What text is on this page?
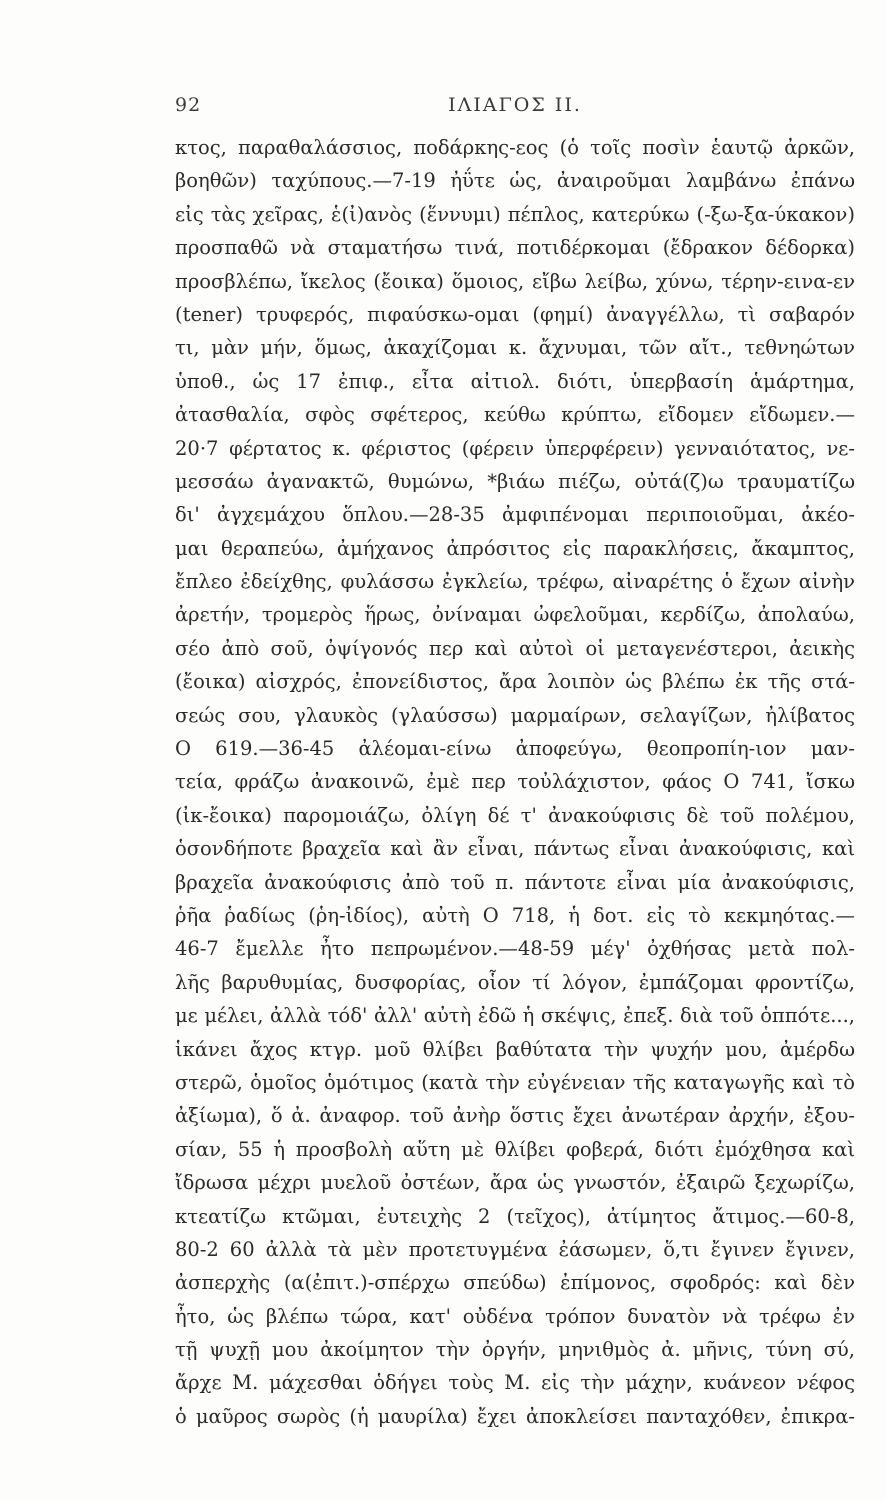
92	ΙΛΙΑΓΟΣ II.
κτος, παραθαλάσσιος, ποδάρκης-εος (ὁ τοῖς ποσὶν ἑαυτῷ ἀρκῶν,
βοηθῶν) ταχύπους.—7-19 ἠΰτε ὡς, ἀναιροῦμαι λαμβάνω ἐπάνω
εἰς τὰς χεῖρας, ἑ(ἰ)ανὸς (ἕννυμι) πέπλος, κατερύκω (-ξω-ξα-ύκακον)
προσπαθῶ νὰ σταματήσω τινά, ποτιδέρκομαι (ἔδρακον δέδορκα)
προσβλέπω, ἴκελος (ἔοικα) ὅμοιος, εἴβω λείβω, χύνω, τέρην-εινα-εν
(tener) τρυφερός, πιφαύσκω-ομαι (φημί) ἀναγγέλλω, τὶ σαβαρόν
τι, μὰν μήν, ὅμως, ἀκαχίζομαι κ. ἄχνυμαι, τῶν αἴτ., τεθνηώτων
ὑποθ., ὡς 17 ἐπιφ., εἶτα αἰτιολ. διότι, ὑπερβασίη ἁμάρτημα,
ἀτασθαλία, σφὸς σφέτερος, κεύθω κρύπτω, εἴδομεν εἴδωμεν.—
20·7 φέρτατος κ. φέριστος (φέρειν ὑπερφέρειν) γενναιότατος, νε-
μεσσάω ἀγανακτῶ, θυμώνω, *βιάω πιέζω, οὐτά(ζ)ω τραυματίζω
δι' ἀγχεμάχου ὅπλου.—28-35 ἀμφιπένομαι περιποιοῦμαι, ἀκέο-
μαι θεραπεύω, ἀμήχανος ἀπρόσιτος εἰς παρακλήσεις, ἄκαμπτος,
ἔπλεο ἐδείχθης, φυλάσσω ἐγκλείω, τρέφω, αἰναρέτης ὁ ἔχων αἰνὴν
ἀρετήν, τρομερὸς ἥρως, ὀνίναμαι ὠφελοῦμαι, κερδίζω, ἀπολαύω,
σέο ἀπὸ σοῦ, ὀψίγονός περ καὶ αὐτοὶ οἱ μεταγενέστεροι, ἀεικὴς
(ἔοικα) αἰσχρός, ἐπονείδιστος, ἄρα λοιπὸν ὡς βλέπω ἐκ τῆς στά-
σεώς σου, γλαυκὸς (γλαύσσω) μαρμαίρων, σελαγίζων, ἠλίβατος
O 619.—36-45 ἀλέομαι-είνω ἀποφεύγω, θεοπροπίη-ιον μαν-
τεία, φράζω ἀνακοινῶ, ἐμὲ περ τοὐλάχιστον, φάος O 741, ἴσκω
(ἰκ-ἔοικα) παρομοιάζω, ὀλίγη δέ τ' ἀνακούφισις δὲ τοῦ πολέμου,
ὁσονδήποτε βραχεῖα καὶ ἂν εἶναι, πάντως εἶναι ἀνακούφισις, καὶ
βραχεῖα ἀνακούφισις ἀπὸ τοῦ π. πάντοτε εἶναι μία ἀνακούφισις,
ῥῆα ῥαδίως (ῥη-ἰδίος), αὐτὴ O 718, ἡ δοτ. εἰς τὸ κεκμηότας.—
46-7 ἔμελλε ἦτο πεπρωμένον.—48-59 μέγ' ὀχθήσας μετὰ πολ-
λῆς βαρυθυμίας, δυσφορίας, οἷον τί λόγον, ἐμπάζομαι φροντίζω,
με μέλει, ἀλλὰ τόδ' ἀλλ' αὐτὴ ἐδῶ ἡ σκέψις, ἐπεξ. διὰ τοῦ ὁππότε...,
ἱκάνει ἄχος κτγρ. μοῦ θλίβει βαθύτατα τὴν ψυχήν μου, ἀμέρδω
στερῶ, ὁμοῖος ὁμότιμος (κατὰ τὴν εὐγένειαν τῆς καταγωγῆς καὶ τὸ
ἀξίωμα), ὅ ἀ. ἀναφορ. τοῦ ἀνὴρ ὅστις ἔχει ἀνωτέραν ἀρχήν, ἐξου-
σίαν, 55 ἡ προσβολὴ αὕτη μὲ θλίβει φοβερά, διότι ἐμόχθησα καὶ
ἴδρωσα μέχρι μυελοῦ ὀστέων, ἄρα ὡς γνωστόν, ἐξαιρῶ ξεχωρίζω,
κτεατίζω κτῶμαι, ἐυτειχὴς 2 (τεῖχος), ἀτίμητος ἄτιμος.—60-8,
80-2 60 ἀλλὰ τὰ μὲν προτετυγμένα ἐάσωμεν, ὅ,τι ἔγινεν ἔγινεν,
ἀσπερχὴς (α(ἐπιτ.)-σπέρχω σπεύδω) ἐπίμονος, σφοδρός: καὶ δὲν
ἦτο, ὡς βλέπω τώρα, κατ' οὐδένα τρόπον δυνατὸν νὰ τρέφω ἐν
τῇ ψυχῇ μου ἀκοίμητον τὴν ὀργήν, μηνιθμὸς ἀ. μῆνις, τύνη σύ,
ἄρχε Μ. μάχεσθαι ὁδήγει τοὺς Μ. εἰς τὴν μάχην, κυάνεον νέφος
ὁ μαῦρος σωρὸς (ἡ μαυρίλα) ἔχει ἀποκλείσει πανταχόθεν, ἐπικρα-
